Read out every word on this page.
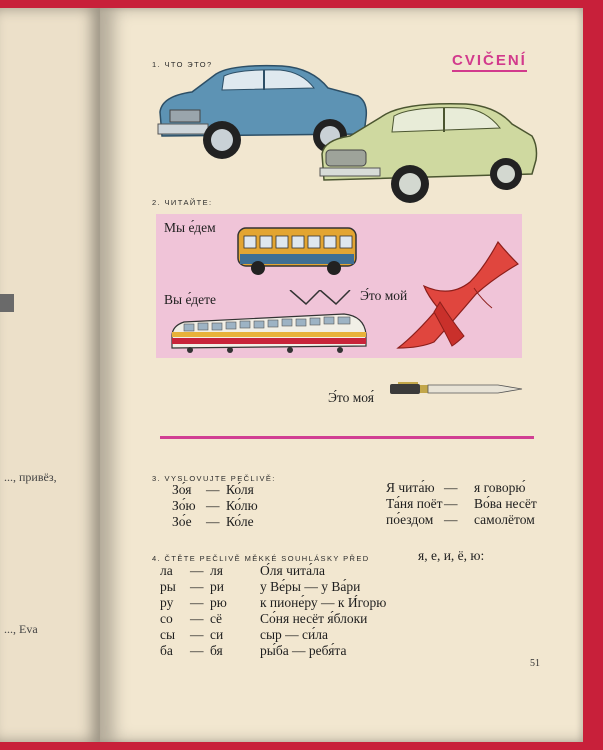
..., привёз,
..., Eva
CVIČENÍ
1. ЧТО ЭТО?
2. ЧИТАЙТЕ:
Мы е́дем
Вы е́дете	Э́то мой
Э́то моя́
3. VYSLOVUJTE PEČLIVĚ:
Зо́я — Ко́ля
Зо́ю — Ко́лю
Зо́е — Ко́ле
Я чита́ю — я говорю́
Та́ня поёт — Во́ва несёт
по́ездом — самолётом
4. ČTĚTE PEČLIVĚ MĚKKÉ SOUHLÁSKY PŘED	я, е, и, ё, ю:
ла — ля	О́ля чита́ла
ры — ри	у Ве́ры — у Ва́ри
ру — рю к пионе́ру — к И́горю
со — сё	Со́ня несёт я́блоки
сы — си	сыр — си́ла
ба — бя	ры́ба — ребя́та
51
